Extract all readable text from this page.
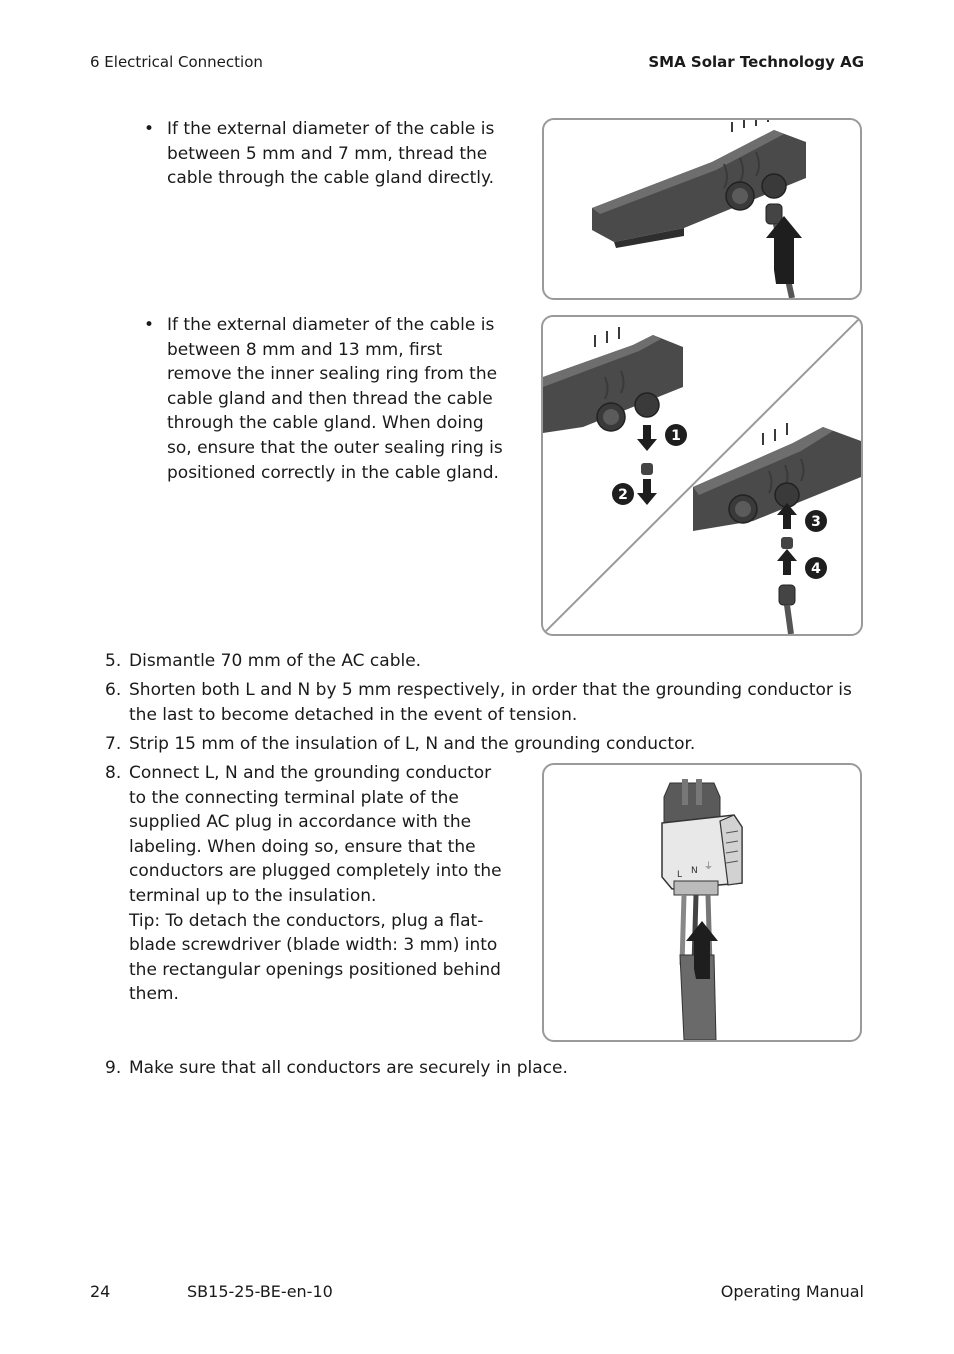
6 Electrical Connection	SMA Solar Technology AG
• If the external diameter of the cable is between 5 mm and 7 mm, thread the cable through the cable gland directly.
• If the external diameter of the cable is between 8 mm and 13 mm, first remove the inner sealing ring from the cable gland and then thread the cable through the cable gland. When doing so, ensure that the outer sealing ring is positioned correctly in the cable gland.
1
2
3
4
5. Dismantle 70 mm of the AC cable.
6. Shorten both L and N by 5 mm respectively, in order that the grounding conductor is the last to become detached in the event of tension.
7. Strip 15 mm of the insulation of L, N and the grounding conductor.
8. Connect L, N and the grounding conductor to the connecting terminal plate of the supplied AC plug in accordance with the labeling. When doing so, ensure that the conductors are plugged completely into the terminal up to the insulation.
Tip: To detach the conductors, plug a flat-blade screwdriver (blade width: 3 mm) into the rectangular openings positioned behind them.
L N ⏚
9. Make sure that all conductors are securely in place.
24	SB15-25-BE-en-10	Operating Manual
